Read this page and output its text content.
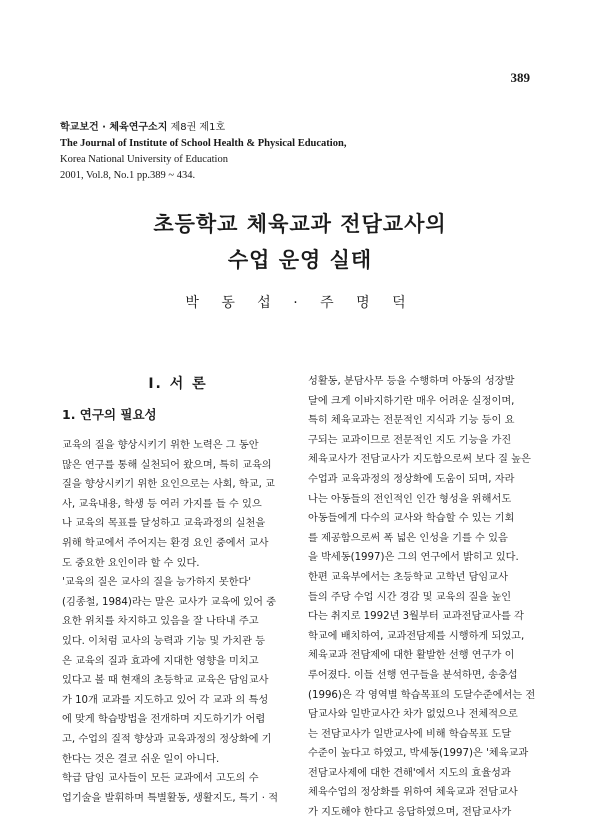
389
학교보건 · 체육연구소지 제8권 제1호
The Journal of Institute of School Health & Physical Education,
Korea National University of Education
2001, Vol.8, No.1 pp.389 ~ 434.
초등학교 체육교과 전담교사의
수업 운영 실태
박 동 섭 · 주 명 덕
I. 서 론
1. 연구의 필요성
교육의 질을 향상시키기 위한 노력은 그 동안
많은 연구를 통해 실천되어 왔으며, 특히 교육의
질을 향상시키기 위한 요인으로는 사회, 학교, 교
사, 교육내용, 학생 등 여러 가지를 들 수 있으
나 교육의 목표를 달성하고 교육과정의 실천을
위해 학교에서 주어지는 환경 요인 중에서 교사
도 중요한 요인이라 할 수 있다.
'교육의 질은 교사의 질을 능가하지 못한다'
(김종철, 1984)라는 말은 교사가 교육에 있어 중
요한 위치를 차지하고 있음을 잘 나타내 주고
있다. 이처럼 교사의 능력과 기능 및 가치관 등
은 교육의 질과 효과에 지대한 영향을 미치고
있다고 볼 때 현재의 초등학교 교육은 담임교사
가 10개 교과를 지도하고 있어 각 교과 의 특성
에 맞게 학습방법을 전개하며 지도하기가 어렵
고, 수업의 질적 향상과 교육과정의 정상화에 기
한다는 것은 결코 쉬운 일이 아니다.
학급 담임 교사들이 모든 교과에서 고도의 수
업기술을 발휘하며 특별활동, 생활지도, 특기 · 적
성활동, 분담사무 등을 수행하며 아동의 성장발
달에 크게 이바지하기란 매우 어려운 실정이며,
특히 체육교과는 전문적인 지식과 기능 등이 요
구되는 교과이므로 전문적인 지도 기능을 가진
체육교사가 전담교사가 지도함으로써 보다 질 높은
수업과 교육과정의 정상화에 도움이 되며, 자라
나는 아동들의 전인적인 인간 형성을 위해서도
아동들에게 다수의 교사와 학습할 수 있는 기회
를 제공함으로써 폭 넓은 인성을 기를 수 있음
을 박세동(1997)은 그의 연구에서 밝히고 있다.
한편 교육부에서는 초등학교 고학년 담임교사
들의 주당 수업 시간 경감 및 교육의 질을 높인
다는 취지로 1992년 3월부터 교과전담교사를 각
학교에 배치하여, 교과전담제를 시행하게 되었고,
체육교과 전담제에 대한 활발한 선행 연구가 이
루어졌다. 이들 선행 연구들을 분석하면, 송충섭
(1996)은 각 영역별 학습목표의 도달수준에서는 전
담교사와 일반교사간 차가 없었으나 전체적으로
는 전담교사가 일반교사에 비해 학습목표 도달
수준이 높다고 하였고, 박세동(1997)은 '체육교과
전담교사제에 대한 견해'에서 지도의 효율성과
체육수업의 정상화를 위하여 체육교과 전담교사
가 지도해야 한다고 응답하였으며, 전담교사가
